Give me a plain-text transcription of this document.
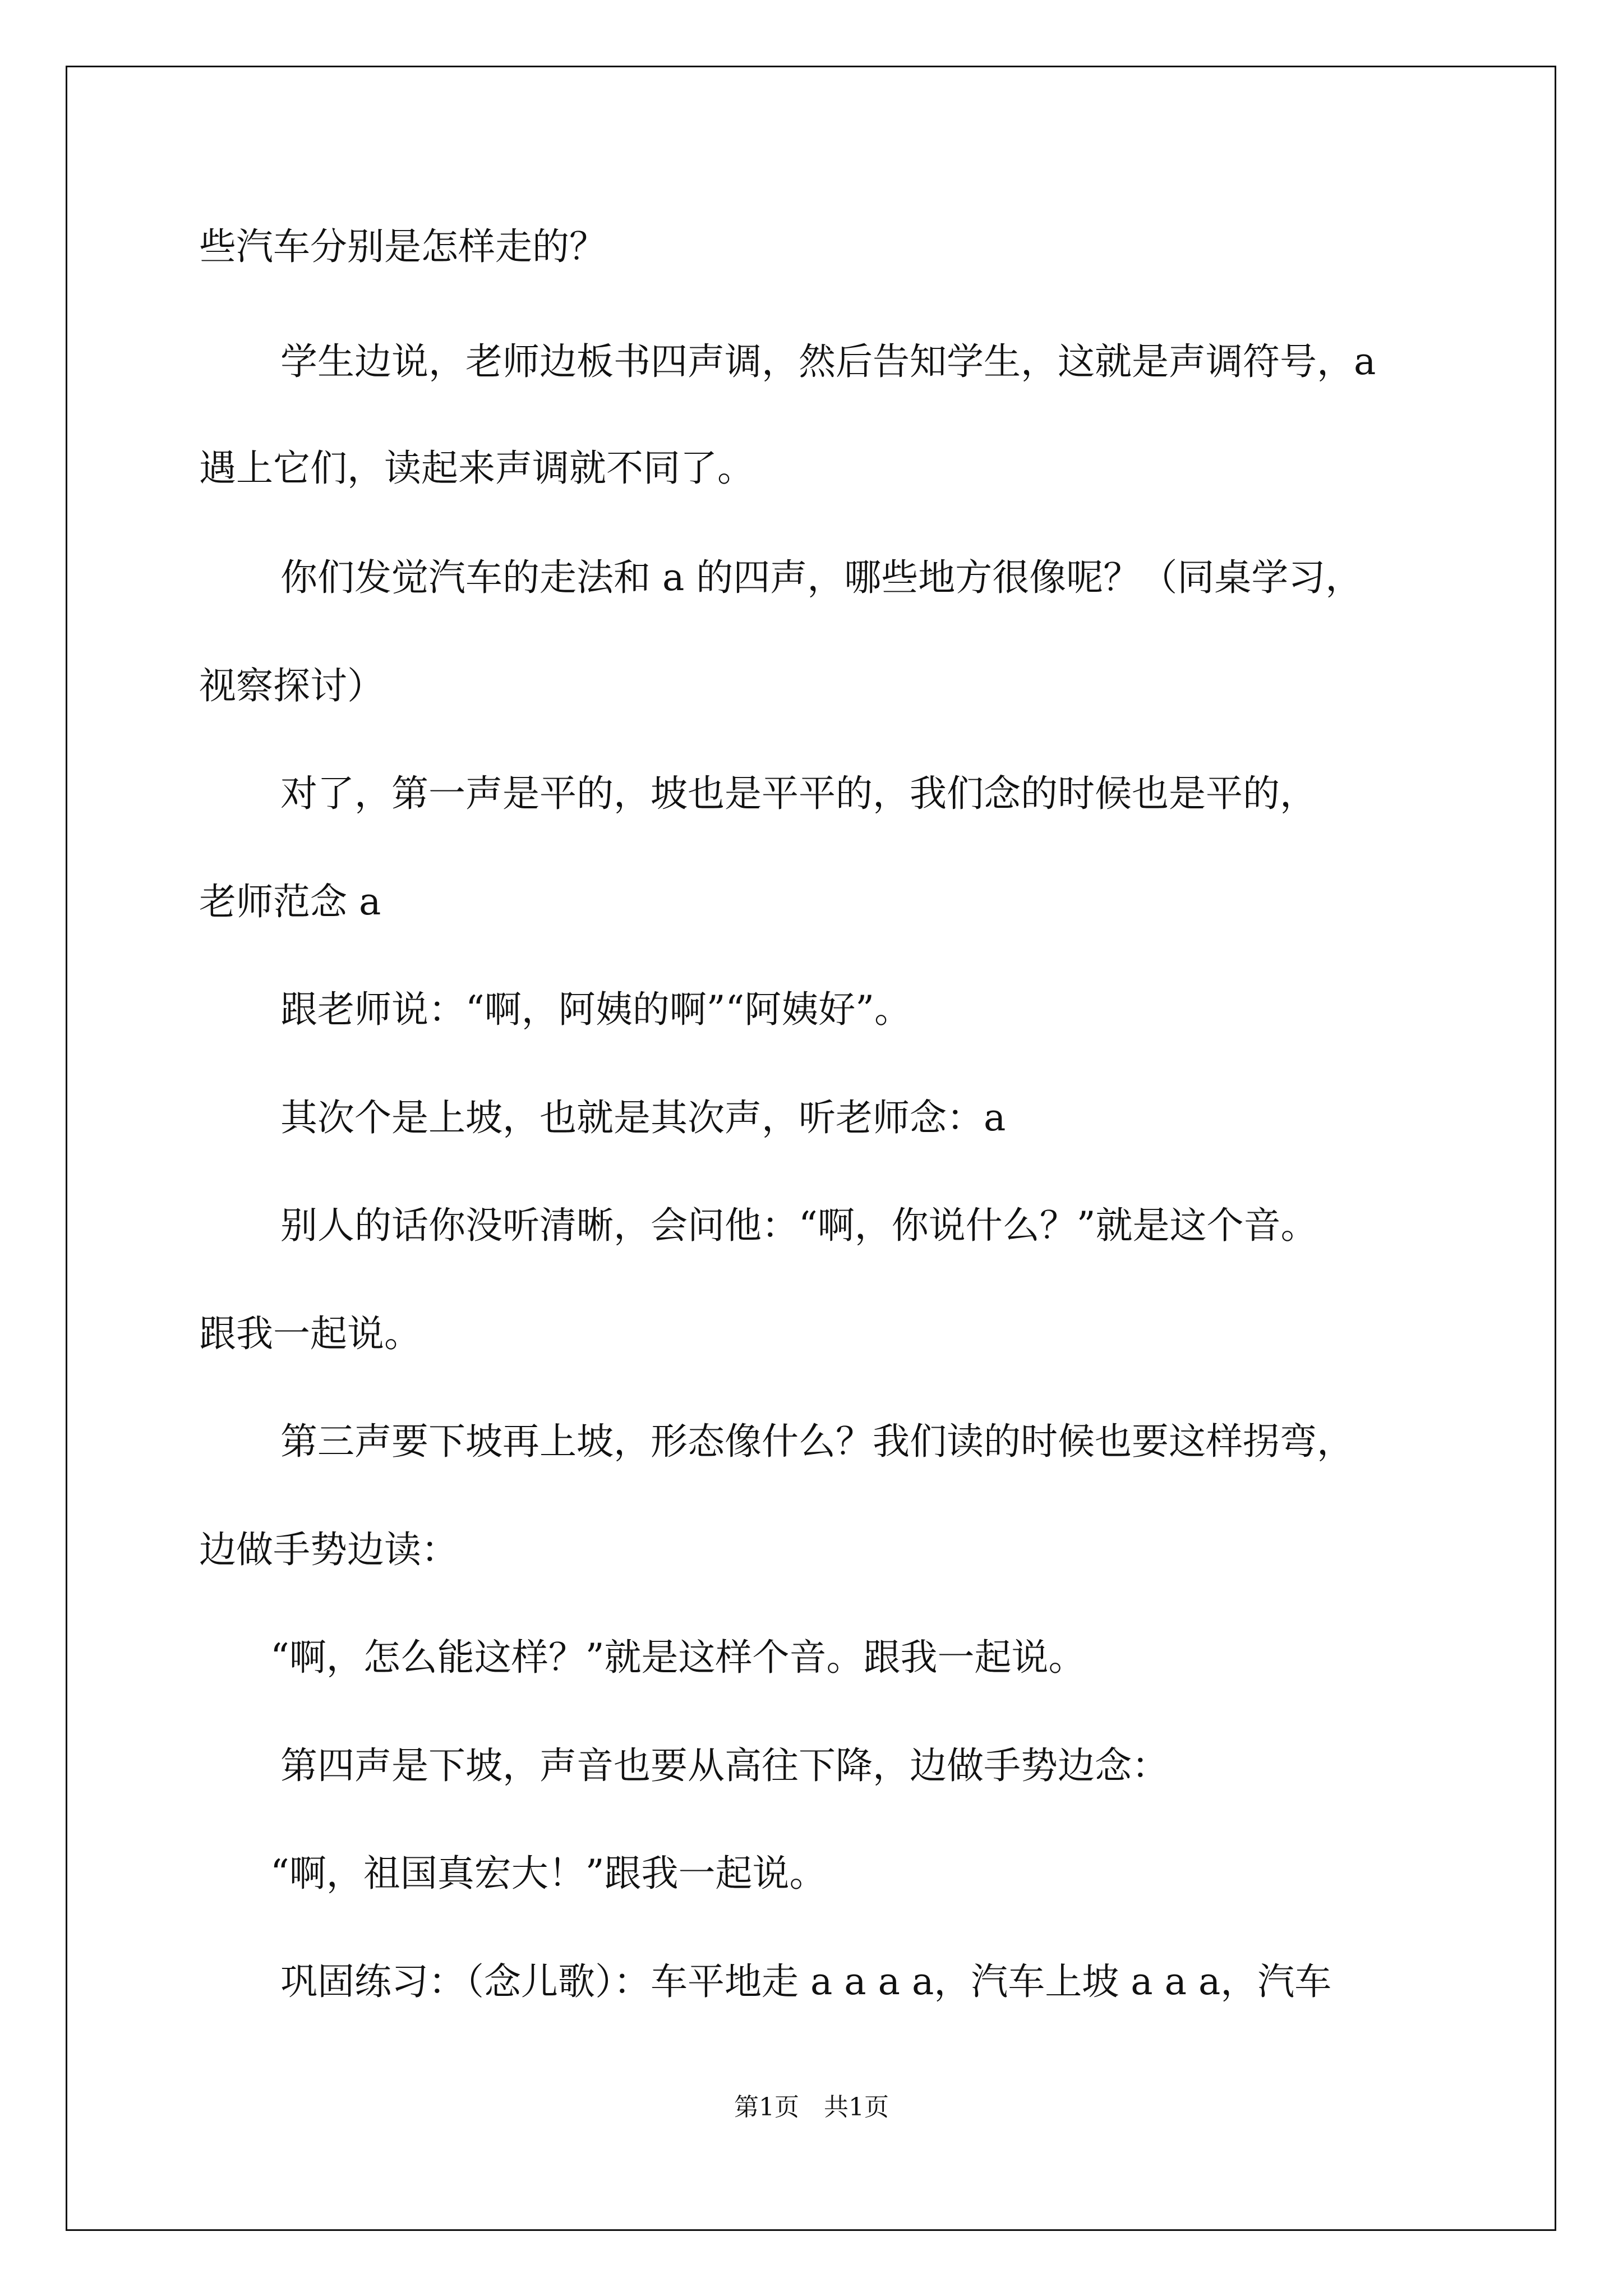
些汽车分别是怎样走的？

学生边说，老师边板书四声调，然后告知学生，这就是声调符号，a

遇上它们，读起来声调就不同了。

你们发觉汽车的走法和 a 的四声，哪些地方很像呢？（同桌学习，

视察探讨）

对了，第一声是平的，坡也是平平的，我们念的时候也是平的，

老师范念 a

跟老师说：“啊，阿姨的啊”“阿姨好”。

其次个是上坡，也就是其次声，听老师念：a

别人的话你没听清晰，会问他：“啊，你说什么？”就是这个音。

跟我一起说。

第三声要下坡再上坡，形态像什么？我们读的时候也要这样拐弯，

边做手势边读：

“啊，怎么能这样？”就是这样个音。跟我一起说。

第四声是下坡，声音也要从高往下降，边做手势边念：

“啊，祖国真宏大！”跟我一起说。

巩固练习：（念儿歌）：车平地走 a a a a，汽车上坡 a a a，汽车

第1页　共1页
